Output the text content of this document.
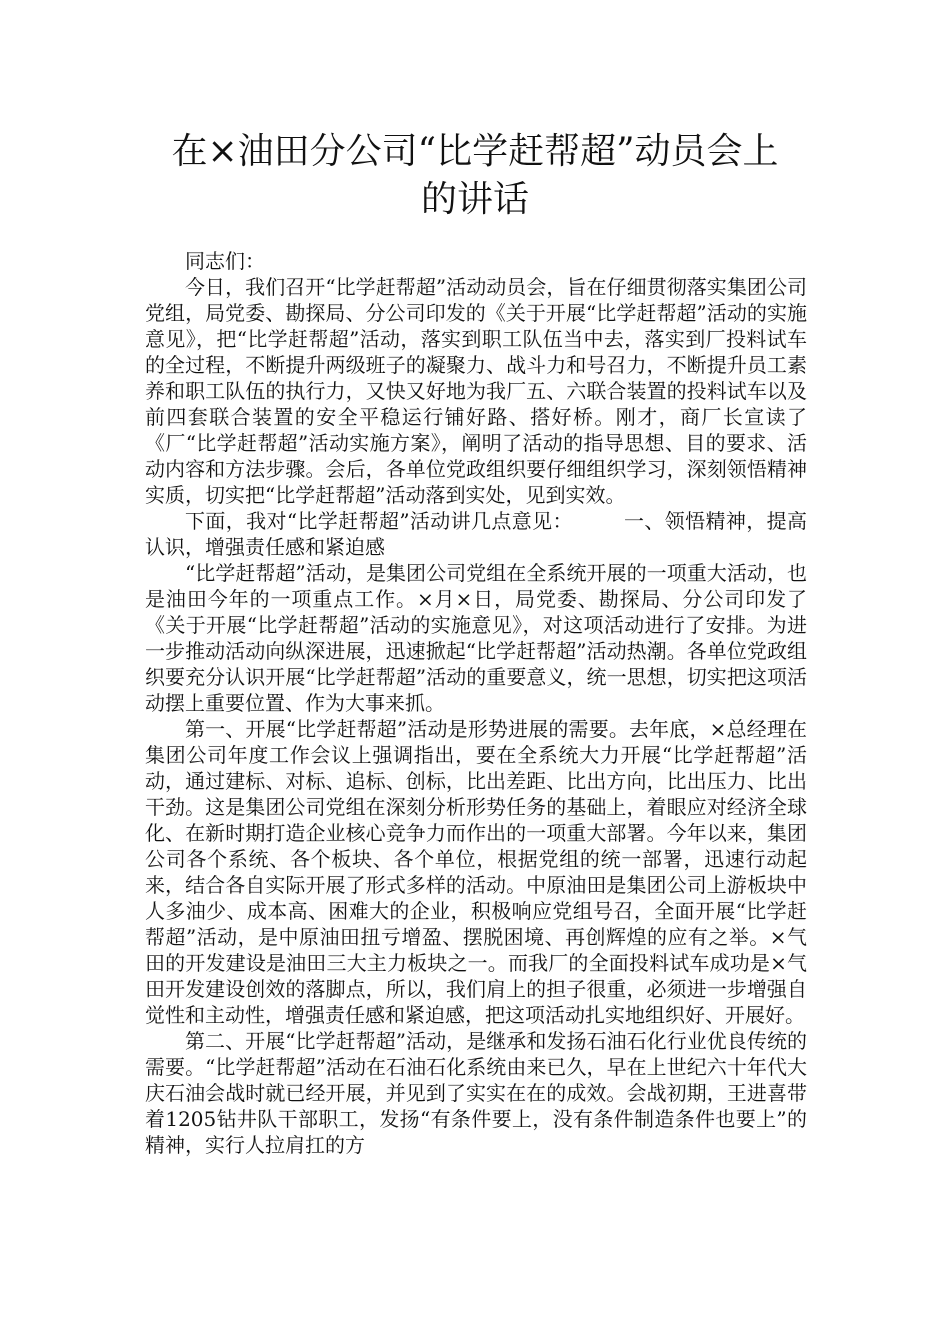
在×油田分公司“比学赶帮超”动员会上
的讲话

同志们：

今日，我们召开“比学赶帮超”活动动员会，旨在仔细贯彻落实集团公司党组，局党委、勘探局、分公司印发的《关于开展“比学赶帮超”活动的实施意见》，把“比学赶帮超”活动，落实到职工队伍当中去，落实到厂投料试车的全过程，不断提升两级班子的凝聚力、战斗力和号召力，不断提升员工素养和职工队伍的执行力，又快又好地为我厂五、六联合装置的投料试车以及前四套联合装置的安全平稳运行铺好路、搭好桥。刚才，商厂长宣读了《厂“比学赶帮超”活动实施方案》，阐明了活动的指导思想、目的要求、活动内容和方法步骤。会后，各单位党政组织要仔细组织学习，深刻领悟精神实质，切实把“比学赶帮超”活动落到实处，见到实效。

下面，我对“比学赶帮超”活动讲几点意见：　　　一、领悟精神，提高认识，增强责任感和紧迫感

“比学赶帮超”活动，是集团公司党组在全系统开展的一项重大活动，也是油田今年的一项重点工作。×月×日，局党委、勘探局、分公司印发了《关于开展“比学赶帮超”活动的实施意见》，对这项活动进行了安排。为进一步推动活动向纵深进展，迅速掀起“比学赶帮超”活动热潮。各单位党政组织要充分认识开展“比学赶帮超”活动的重要意义，统一思想，切实把这项活动摆上重要位置、作为大事来抓。

第一、开展“比学赶帮超”活动是形势进展的需要。去年底，×总经理在集团公司年度工作会议上强调指出，要在全系统大力开展“比学赶帮超”活动，通过建标、对标、追标、创标，比出差距、比出方向，比出压力、比出干劲。这是集团公司党组在深刻分析形势任务的基础上，着眼应对经济全球化、在新时期打造企业核心竞争力而作出的一项重大部署。今年以来，集团公司各个系统、各个板块、各个单位，根据党组的统一部署，迅速行动起来，结合各自实际开展了形式多样的活动。中原油田是集团公司上游板块中人多油少、成本高、困难大的企业，积极响应党组号召，全面开展“比学赶帮超”活动，是中原油田扭亏增盈、摆脱困境、再创辉煌的应有之举。×气田的开发建设是油田三大主力板块之一。而我厂的全面投料试车成功是×气田开发建设创效的落脚点，所以，我们肩上的担子很重，必须进一步增强自觉性和主动性，增强责任感和紧迫感，把这项活动扎实地组织好、开展好。

第二、开展“比学赶帮超”活动，是继承和发扬石油石化行业优良传统的需要。“比学赶帮超”活动在石油石化系统由来已久，早在上世纪六十年代大庆石油会战时就已经开展，并见到了实实在在的成效。会战初期，王进喜带着1205钻井队干部职工，发扬“有条件要上，没有条件制造条件也要上”的精神，实行人拉肩扛的方
